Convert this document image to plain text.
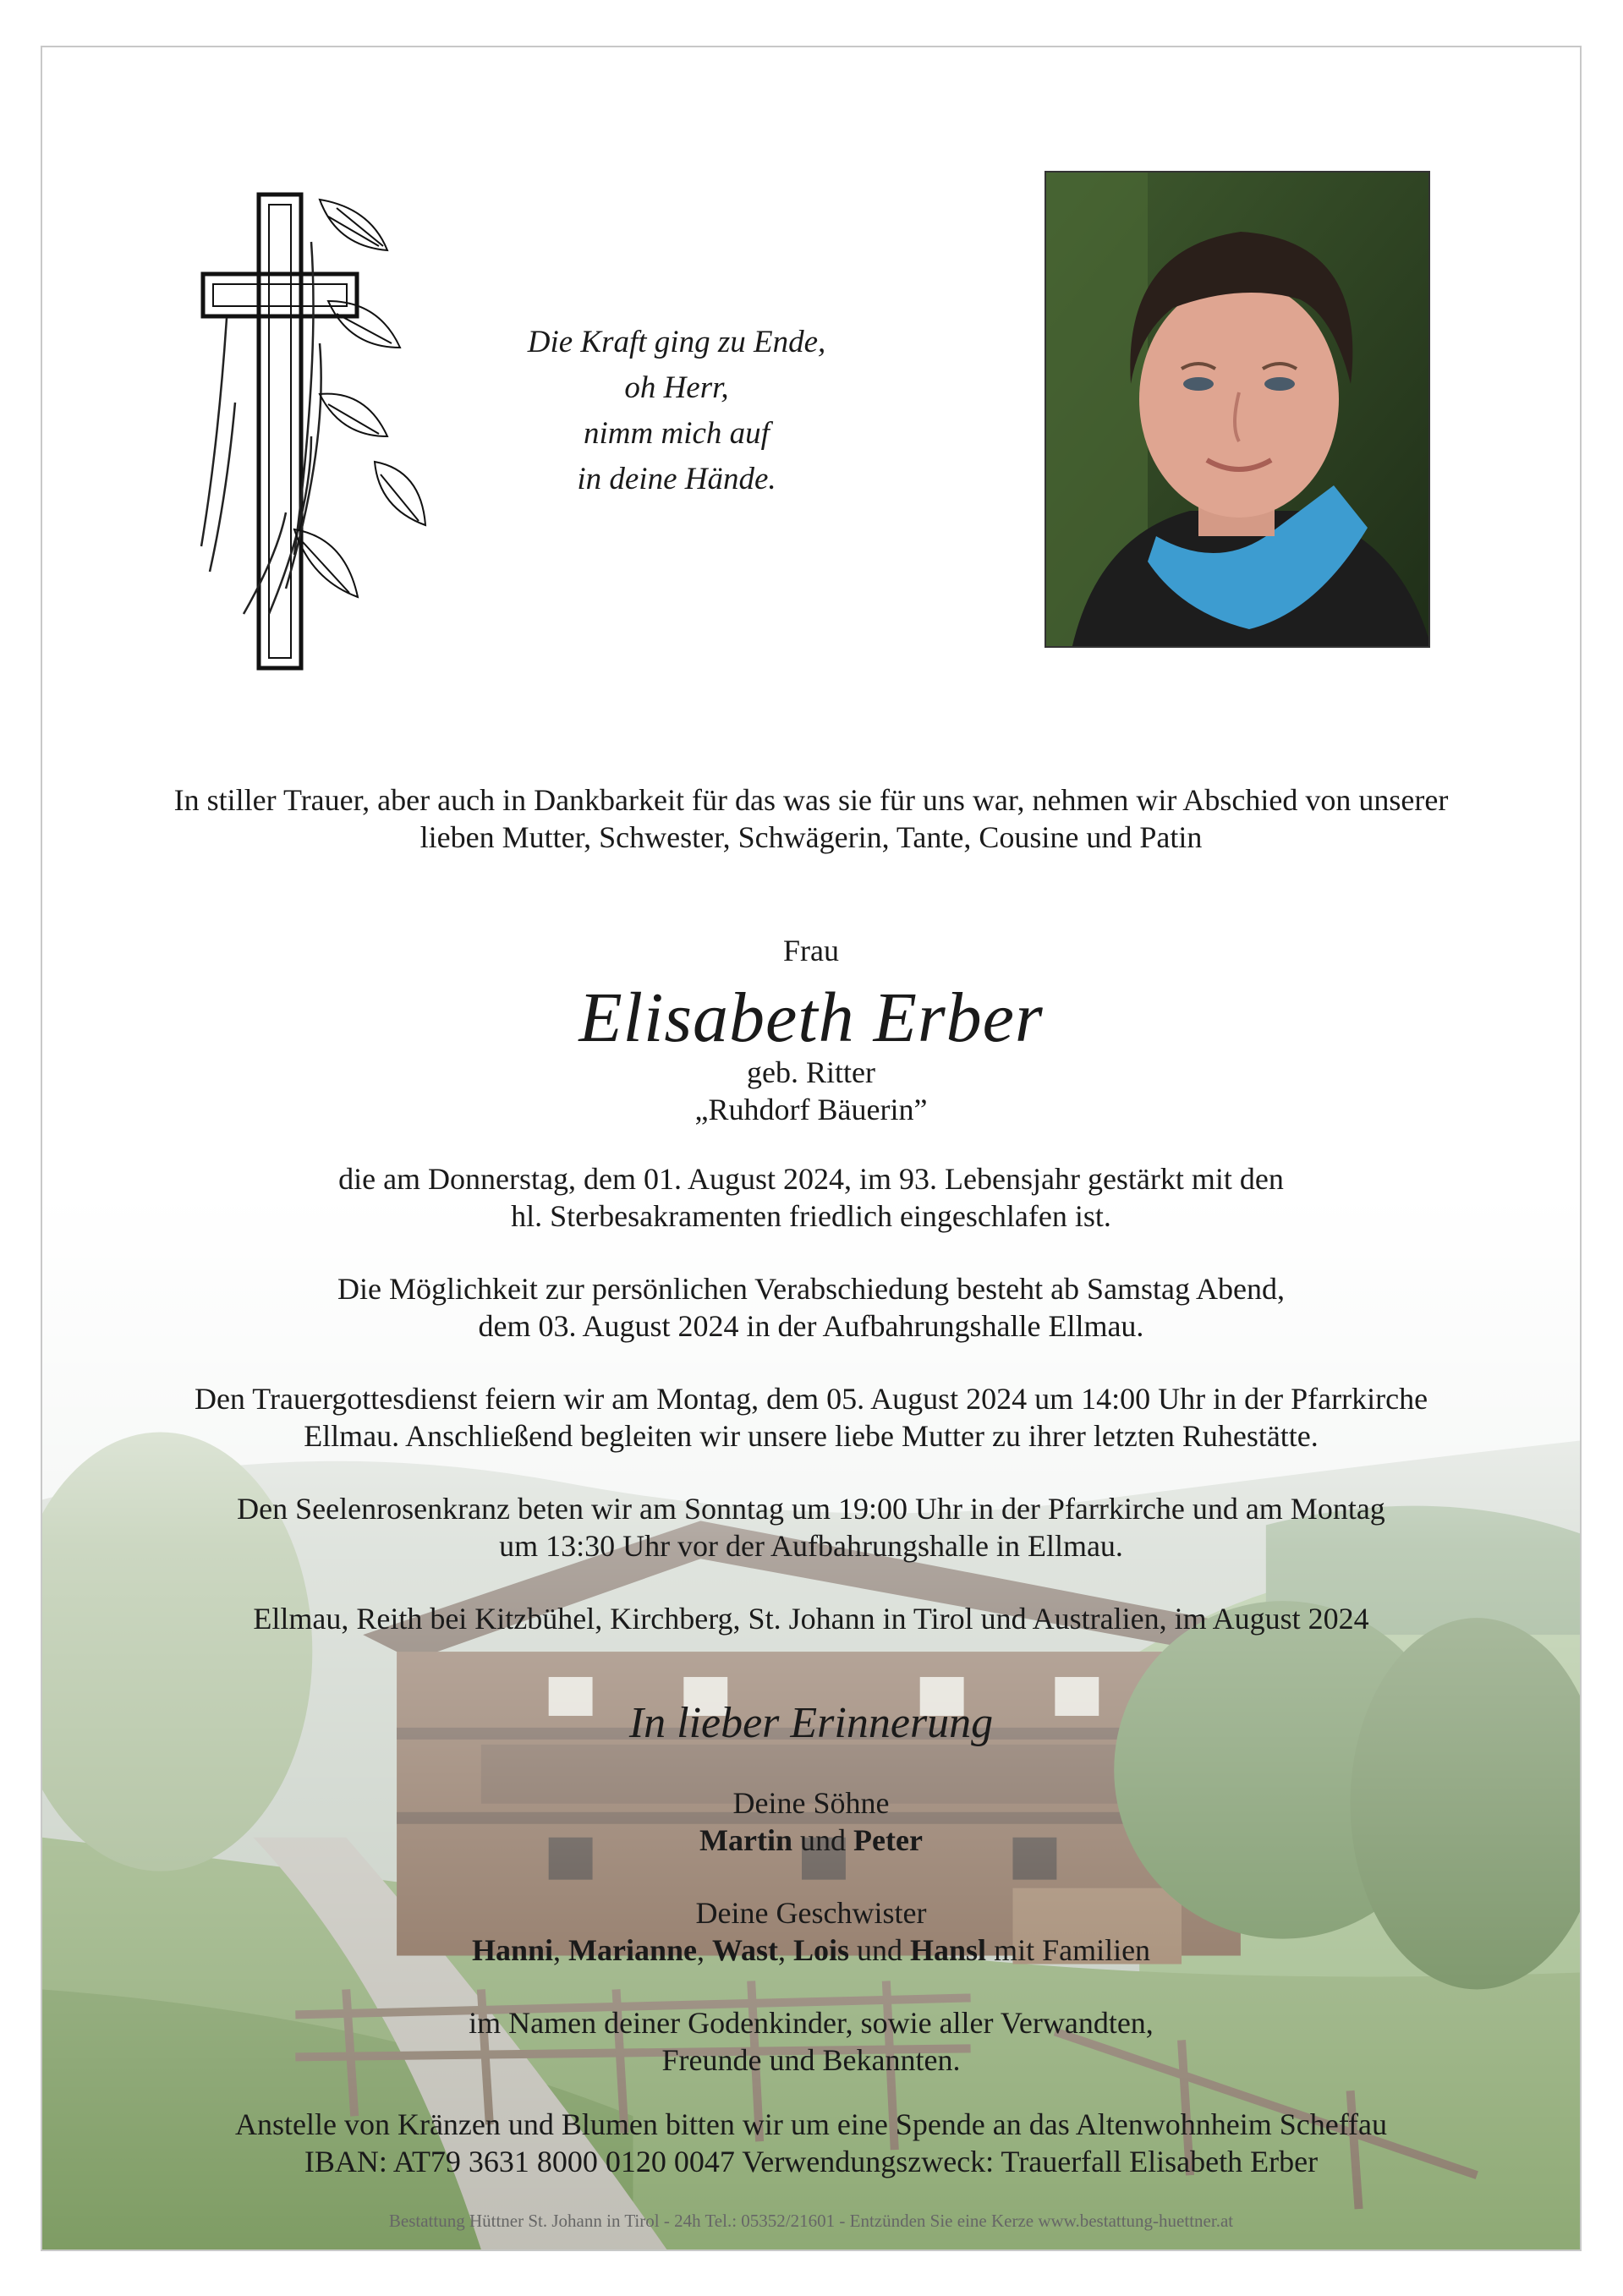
Die Kraft ging zu Ende,
oh Herr,
nimm mich auf
in deine Hände.
In stiller Trauer, aber auch in Dankbarkeit für das was sie für uns war, nehmen wir Abschied von unserer
lieben Mutter, Schwester, Schwägerin, Tante, Cousine und Patin
Frau
Elisabeth Erber
geb. Ritter
„Ruhdorf Bäuerin”
die am Donnerstag, dem 01. August 2024, im 93. Lebensjahr gestärkt mit den
hl. Sterbesakramenten friedlich eingeschlafen ist.
Die Möglichkeit zur persönlichen Verabschiedung besteht ab Samstag Abend,
dem 03. August 2024 in der Aufbahrungshalle Ellmau.
Den Trauergottesdienst feiern wir am Montag, dem 05. August 2024 um 14:00 Uhr in der Pfarrkirche
Ellmau. Anschließend begleiten wir unsere liebe Mutter zu ihrer letzten Ruhestätte.
Den Seelenrosenkranz beten wir am Sonntag um 19:00 Uhr in der Pfarrkirche und am Montag
um 13:30 Uhr vor der Aufbahrungshalle in Ellmau.
Ellmau, Reith bei Kitzbühel, Kirchberg, St. Johann in Tirol und Australien, im August 2024
In lieber Erinnerung
Deine Söhne
Martin und Peter
Deine Geschwister
Hanni, Marianne, Wast, Lois und Hansl mit Familien
im Namen deiner Godenkinder, sowie aller Verwandten,
Freunde und Bekannten.
Anstelle von Kränzen und Blumen bitten wir um eine Spende an das Altenwohnheim Scheffau
IBAN: AT79 3631 8000 0120 0047 Verwendungszweck: Trauerfall Elisabeth Erber
Bestattung Hüttner St. Johann in Tirol - 24h Tel.: 05352/21601 - Entzünden Sie eine Kerze www.bestattung-huettner.at
